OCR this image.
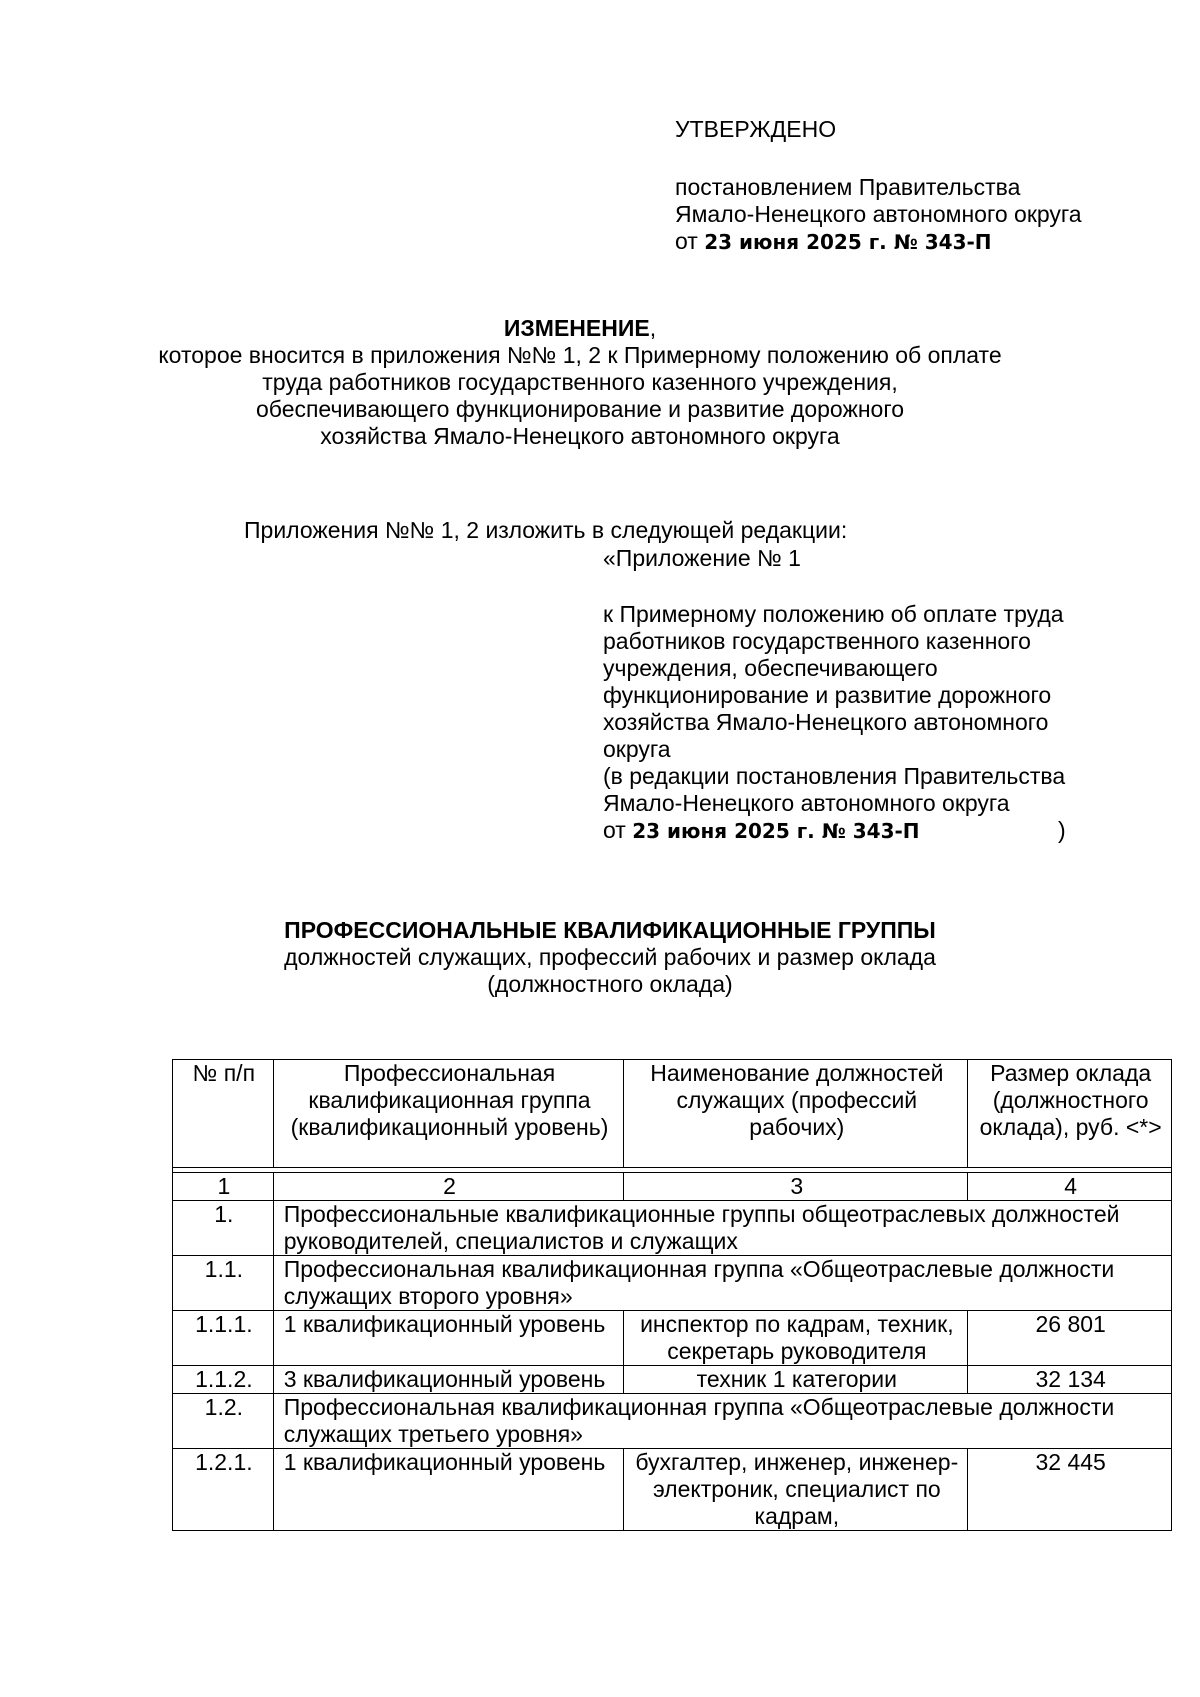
УТВЕРЖДЕНО
постановлением Правительства
Ямало-Ненецкого автономного округа
от 23 июня 2025 г. № 343-П
ИЗМЕНЕНИЕ,
которое вносится в приложения №№ 1, 2 к Примерному положению об оплате
труда работников государственного казенного учреждения,
обеспечивающего функционирование и развитие дорожного
хозяйства Ямало-Ненецкого автономного округа
Приложения №№ 1, 2 изложить в следующей редакции:
«Приложение № 1
к Примерному положению об оплате труда
работников государственного казенного
учреждения, обеспечивающего
функционирование и развитие дорожного
хозяйства Ямало-Ненецкого автономного
округа
(в редакции постановления Правительства
Ямало-Ненецкого автономного округа
от 23 июня 2025 г. № 343-П	)
ПРОФЕССИОНАЛЬНЫЕ КВАЛИФИКАЦИОННЫЕ ГРУППЫ
должностей служащих, профессий рабочих и размер оклада
(должностного оклада)
№ п/п	Профессиональная квалификационная группа (квалификационный уровень)	Наименование должностей служащих (профессий рабочих)	Размер оклада (должностного оклада), руб. <*>

1	2	3	4
1.	Профессиональные квалификационные группы общеотраслевых должностей руководителей, специалистов и служащих		
1.1.	Профессиональная квалификационная группа «Общеотраслевые должности служащих второго уровня»		
1.1.1.	1 квалификационный уровень	инспектор по кадрам, техник, секретарь руководителя	26 801
1.1.2.	3 квалификационный уровень	техник 1 категории	32 134
1.2.	Профессиональная квалификационная группа «Общеотраслевые должности служащих третьего уровня»		
1.2.1.	1 квалификационный уровень	бухгалтер, инженер, инженер-электроник, специалист по кадрам,	32 445
